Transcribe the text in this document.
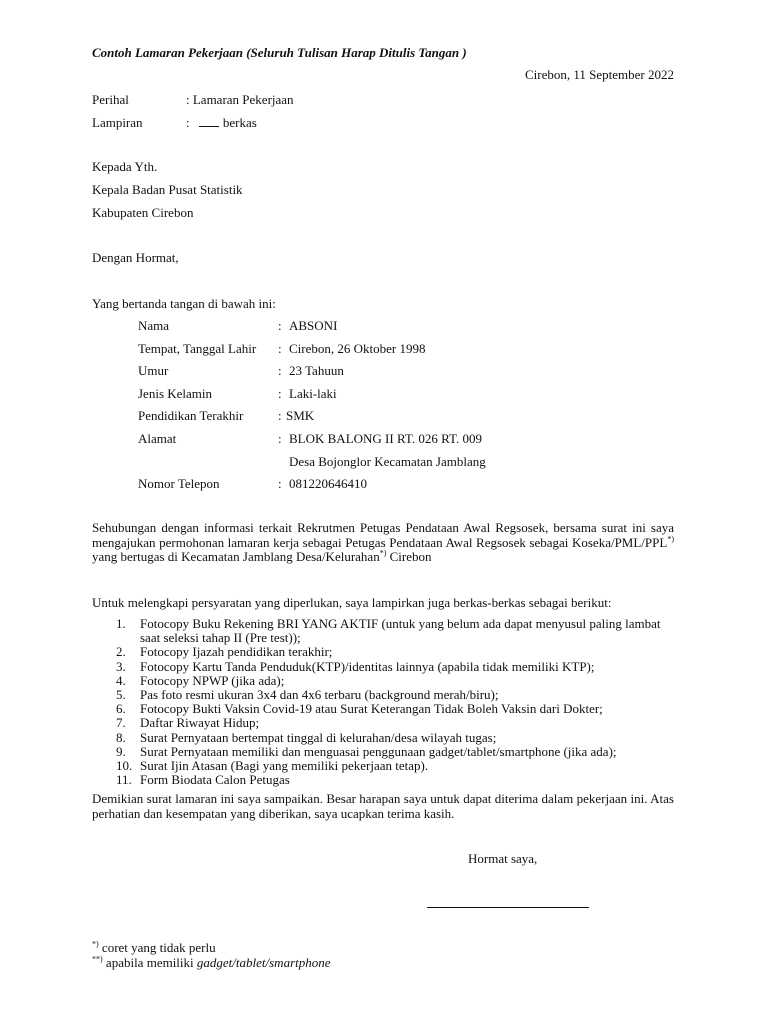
Contoh Lamaran Pekerjaan (Seluruh Tulisan Harap Ditulis Tangan )
Cirebon, 11 September 2022
Perihal	: Lamaran Pekerjaan
Lampiran	:	berkas
Kepada Yth.
Kepala Badan Pusat Statistik
Kabupaten Cirebon
Dengan Hormat,
Yang bertanda tangan di bawah ini:
Nama	: ABSONI
Tempat, Tanggal Lahir : Cirebon, 26 Oktober 1998
Umur	: 23 Tahuun
Jenis Kelamin	: Laki-laki
Pendidikan Terakhir	: SMK
Alamat	: BLOK BALONG II RT. 026 RT. 009
Desa Bojonglor Kecamatan Jamblang
Nomor Telepon	: 081220646410
Sehubungan dengan informasi terkait Rekrutmen Petugas Pendataan Awal Regsosek, bersama surat ini saya mengajukan permohonan lamaran kerja sebagai Petugas Pendataan Awal Regsosek sebagai Koseka/PML/PPL*) yang bertugas di Kecamatan Jamblang Desa/Kelurahan*) Cirebon
Untuk melengkapi persyaratan yang diperlukan, saya lampirkan juga berkas-berkas sebagai berikut:
1. Fotocopy Buku Rekening BRI YANG AKTIF (untuk yang belum ada dapat menyusul paling lambat saat seleksi tahap II (Pre test));
2. Fotocopy Ijazah pendidikan terakhir;
3. Fotocopy Kartu Tanda Penduduk(KTP)/identitas lainnya (apabila tidak memiliki KTP);
4. Fotocopy NPWP (jika ada);
5. Pas foto resmi ukuran 3x4 dan 4x6 terbaru (background merah/biru);
6. Fotocopy Bukti Vaksin Covid-19 atau Surat Keterangan Tidak Boleh Vaksin dari Dokter;
7. Daftar Riwayat Hidup;
8. Surat Pernyataan bertempat tinggal di kelurahan/desa wilayah tugas;
9. Surat Pernyataan memiliki dan menguasai penggunaan gadget/tablet/smartphone (jika ada);
10. Surat Ijin Atasan (Bagi yang memiliki pekerjaan tetap).
11. Form Biodata Calon Petugas
Demikian surat lamaran ini saya sampaikan. Besar harapan saya untuk dapat diterima dalam pekerjaan ini. Atas perhatian dan kesempatan yang diberikan, saya ucapkan terima kasih.
Hormat saya,
*) coret yang tidak perlu
**) apabila memiliki gadget/tablet/smartphone
